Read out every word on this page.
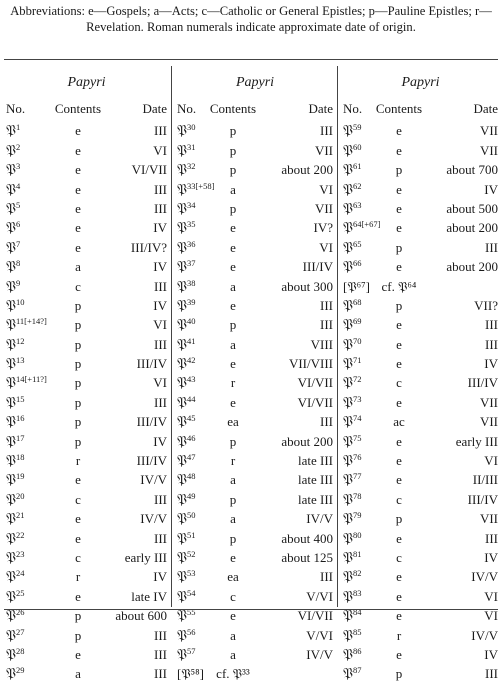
Abbreviations: e—Gospels; a—Acts; c—Catholic or General Epistles; p—Pauline Epistles; r—Revelation. Roman numerals indicate approximate date of origin.

Papyri
No. Contents	Date
𝔓$^1$	e	III
𝔓$^2$	e	VI
𝔓$^3$	e	VI/VII
𝔓$^4$	e	III
𝔓$^5$	e	III
𝔓$^6$	e	IV
𝔓$^7$	e	III/IV?
𝔓$^8$	a	IV
𝔓$^9$	c	III
𝔓$^{10}$	p	IV
𝔓$^{11[+14?]}$ p	VI
𝔓$^{12}$	p	III
𝔓$^{13}$	p	III/IV
𝔓$^{14[+11?]}$ p	VI
𝔓$^{15}$	p	III
𝔓$^{16}$	p	III/IV
𝔓$^{17}$	p	IV
𝔓$^{18}$	r	III/IV
𝔓$^{19}$	e	IV/V
𝔓$^{20}$	c	III
𝔓$^{21}$	e	IV/V
𝔓$^{22}$	e	III
𝔓$^{23}$	c	early III
𝔓$^{24}$	r	IV
𝔓$^{25}$	e	late IV
𝔓$^{26}$	p	about 600
𝔓$^{27}$	p	III
𝔓$^{28}$	e	III
𝔓$^{29}$	a	III
Papyri
No. Contents	Date
𝔓$^{30}$	p	III
𝔓$^{31}$	p	VII
𝔓$^{32}$	p	about 200
𝔓$^{33[+58]}$ a	VI
𝔓$^{34}$	p	VII
𝔓$^{35}$	e	IV?
𝔓$^{36}$	e	VI
𝔓$^{37}$	e	III/IV
𝔓$^{38}$	a	about 300
𝔓$^{39}$	e	III
𝔓$^{40}$	p	III
𝔓$^{41}$	a	VIII
𝔓$^{42}$	e	VII/VIII
𝔓$^{43}$	r	VI/VII
𝔓$^{44}$	e	VI/VII
𝔓$^{45}$ ea	III
𝔓$^{46}$	p	about 200
𝔓$^{47}$	r	late III
𝔓$^{48}$	a	late III
𝔓$^{49}$	p	late III
𝔓$^{50}$	a	IV/V
𝔓$^{51}$	p	about 400
𝔓$^{52}$	e	about 125
𝔓$^{53}$ ea	III
𝔓$^{54}$	c	V/VI
𝔓$^{55}$	e	VI/VII
𝔓$^{56}$	a	V/VI
𝔓$^{57}$	a	IV/V
[𝔓⁵⁸] cf. 𝔓³³
Papyri
No. Contents	Date
𝔓$^{59}$	e	VII
𝔓$^{60}$	e	VII
𝔓$^{61}$	p	about 700
𝔓$^{62}$	e	IV
𝔓$^{63}$	e	about 500
𝔓$^{64[+67]}$ e	about 200
𝔓$^{65}$	p	III
𝔓$^{66}$	e	about 200
[𝔓⁶⁷] cf. 𝔓⁶⁴
𝔓$^{68}$	p	VII?
𝔓$^{69}$	e	III
𝔓$^{70}$	e	III
𝔓$^{71}$	e	IV
𝔓$^{72}$	c	III/IV
𝔓$^{73}$	e	VII
𝔓$^{74}$ ac	VII
𝔓$^{75}$	e	early III
𝔓$^{76}$	e	VI
𝔓$^{77}$	e	II/III
𝔓$^{78}$	c	III/IV
𝔓$^{79}$	p	VII
𝔓$^{80}$	e	III
𝔓$^{81}$	c	IV
𝔓$^{82}$	e	IV/V
𝔓$^{83}$	e	VI
𝔓$^{84}$	e	VI
𝔓$^{85}$	r	IV/V
𝔓$^{86}$	e	IV
𝔓$^{87}$	p	III
